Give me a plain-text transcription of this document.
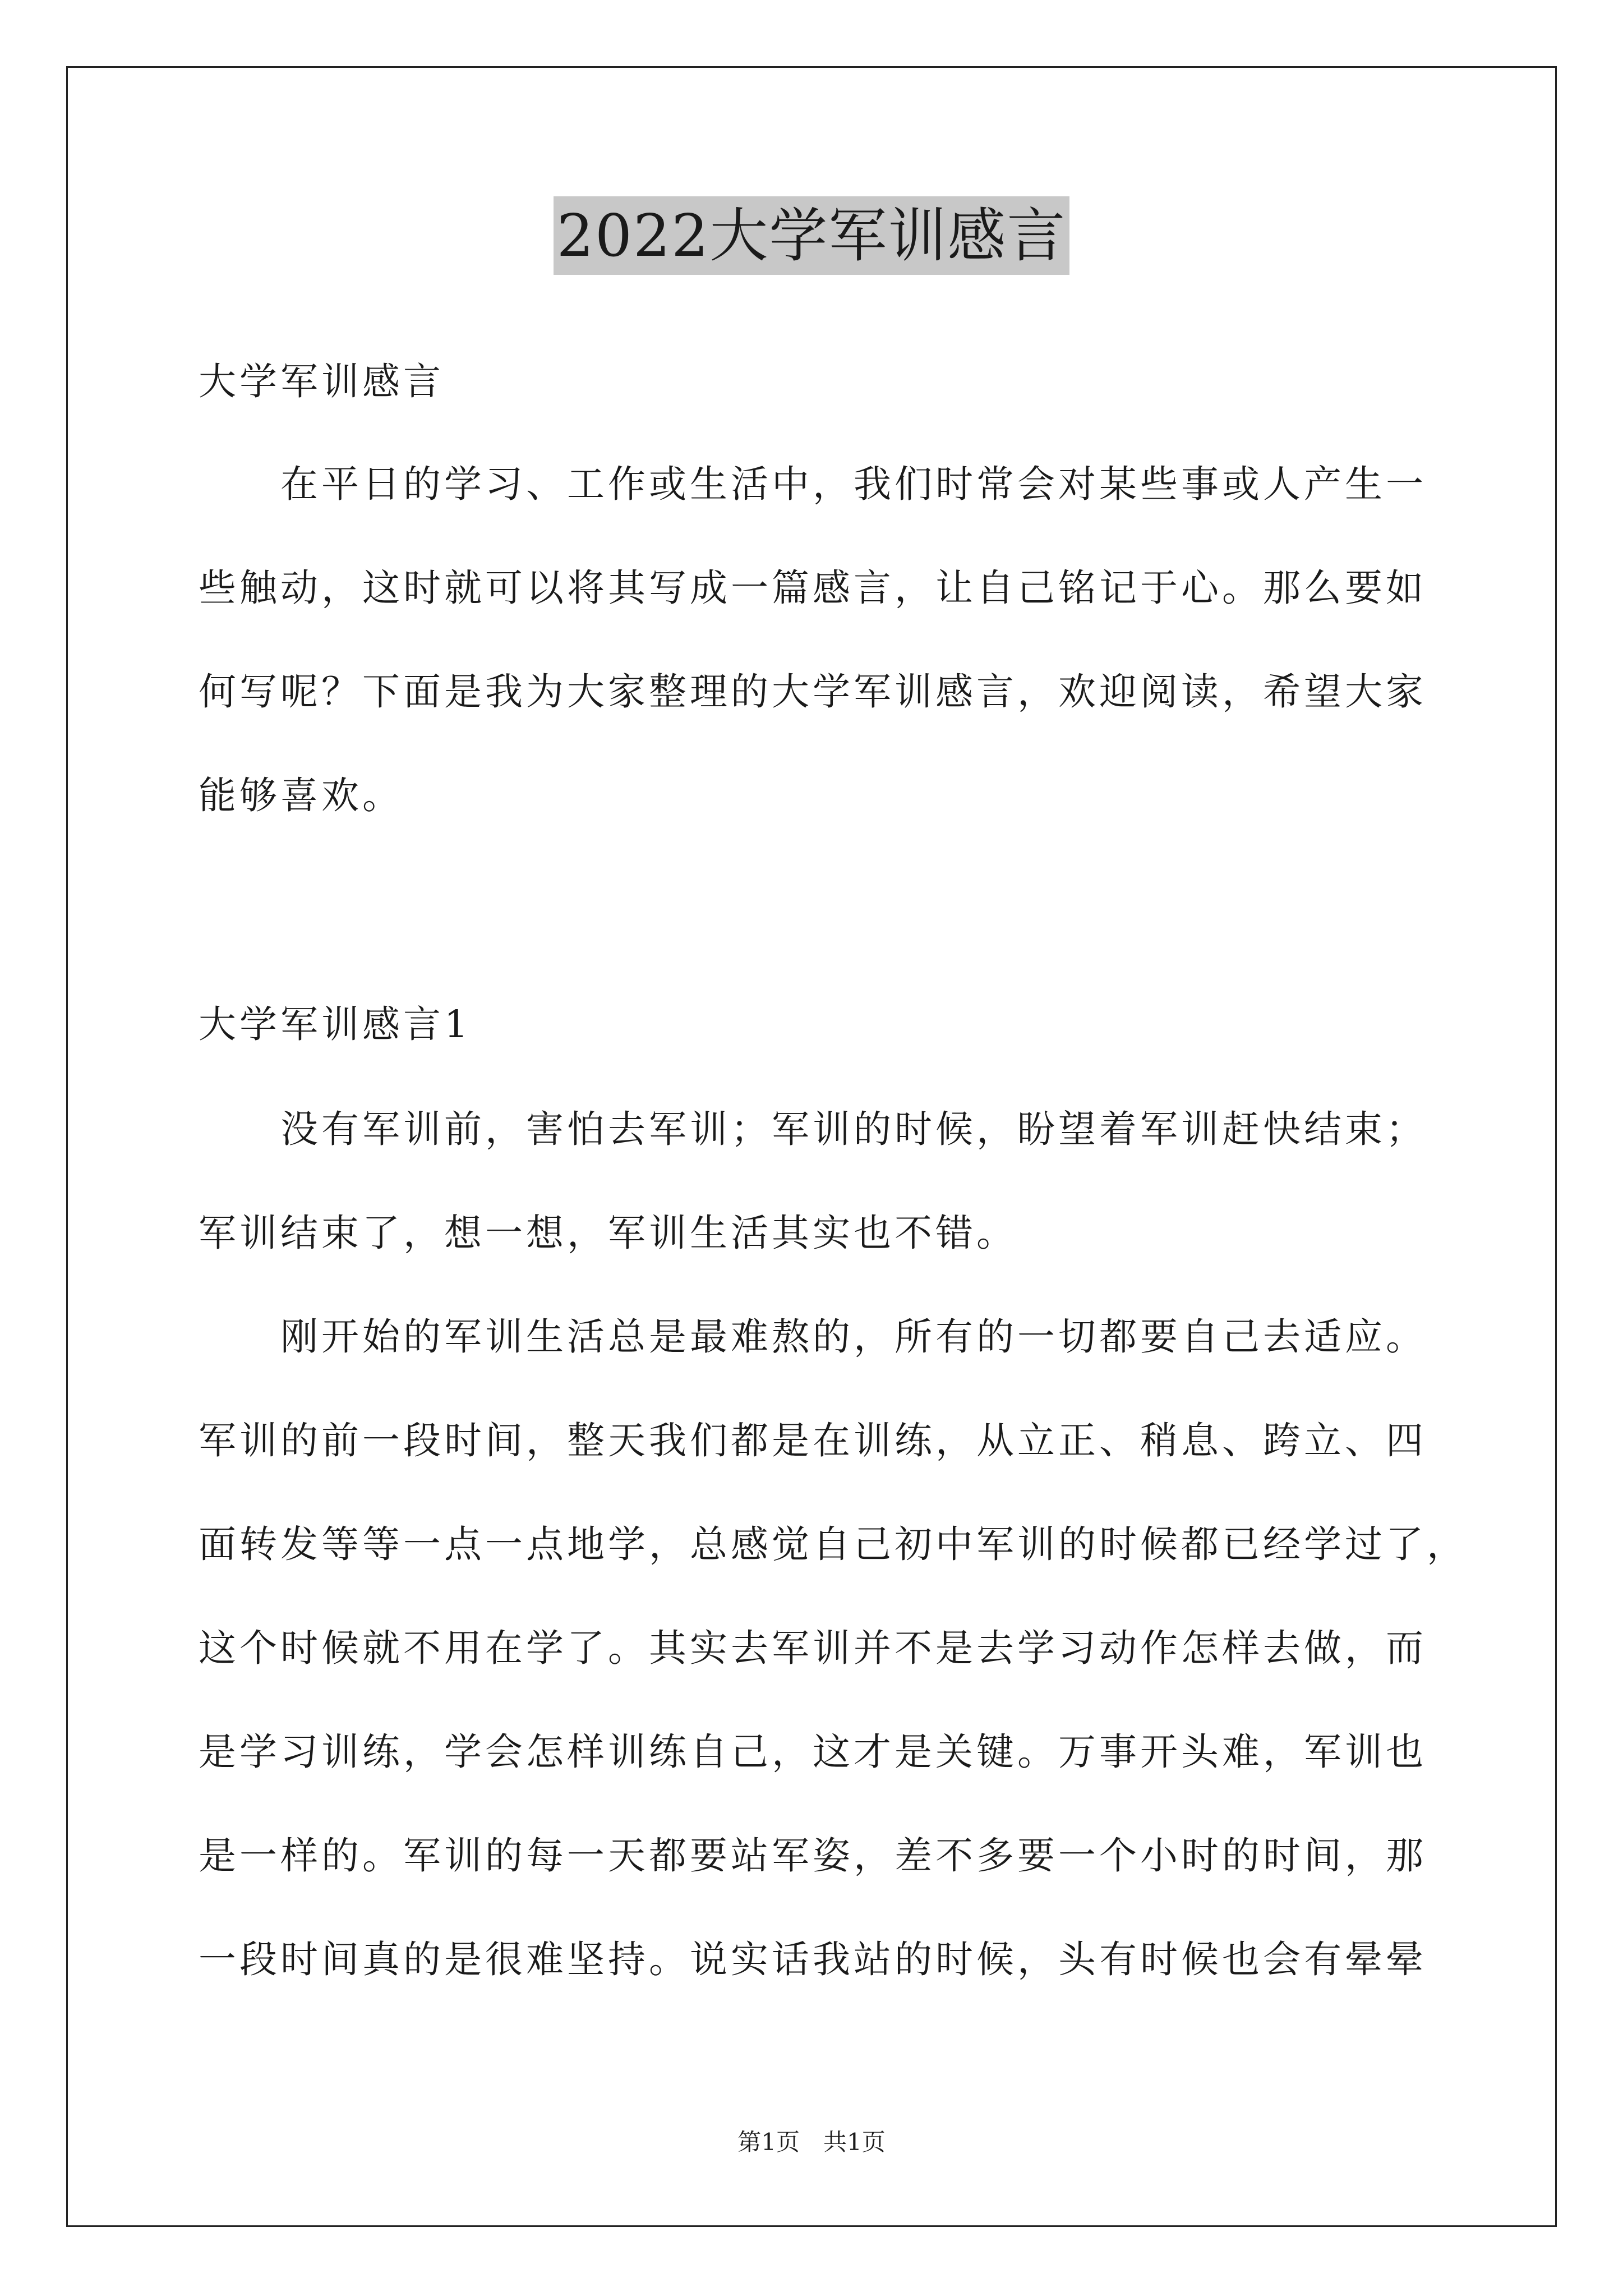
2022大学军训感言
大学军训感言
　　在平日的学习、工作或生活中，我们时常会对某些事或人产生一
些触动，这时就可以将其写成一篇感言，让自己铭记于心。那么要如
何写呢？下面是我为大家整理的大学军训感言，欢迎阅读，希望大家
能够喜欢。
大学军训感言1
　　没有军训前，害怕去军训；军训的时候，盼望着军训赶快结束；
军训结束了，想一想，军训生活其实也不错。
　　刚开始的军训生活总是最难熬的，所有的一切都要自己去适应。
军训的前一段时间，整天我们都是在训练，从立正、稍息、跨立、四
面转发等等一点一点地学，总感觉自己初中军训的时候都已经学过了，
这个时候就不用在学了。其实去军训并不是去学习动作怎样去做，而
是学习训练，学会怎样训练自己，这才是关键。万事开头难，军训也
是一样的。军训的每一天都要站军姿，差不多要一个小时的时间，那
一段时间真的是很难坚持。说实话我站的时候，头有时候也会有晕晕
第1页　共1页
